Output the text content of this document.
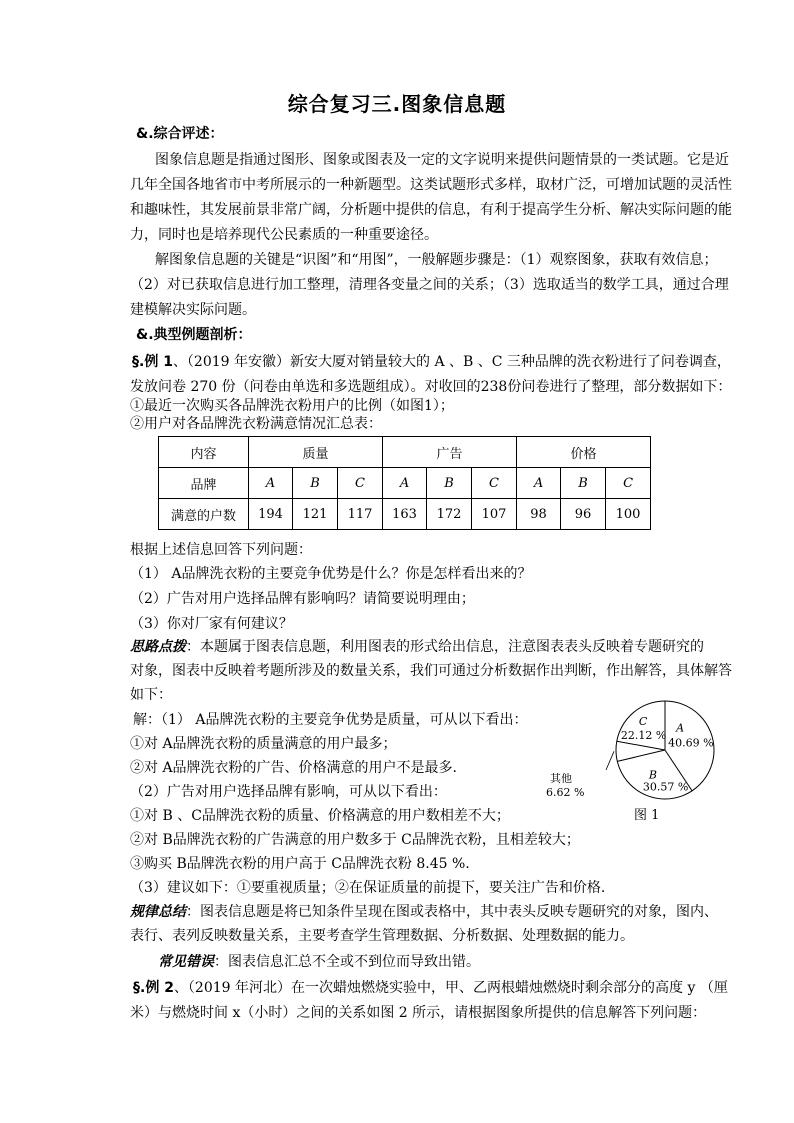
综合复习三.图象信息题
&.综合评述：
图象信息题是指通过图形、图象或图表及一定的文字说明来提供问题情景的一类试题。它是近
几年全国各地省市中考所展示的一种新题型。这类试题形式多样，取材广泛，可增加试题的灵活性
和趣味性，其发展前景非常广阔，分析题中提供的信息，有利于提高学生分析、解决实际问题的能
力，同时也是培养现代公民素质的一种重要途径。
解图象信息题的关键是“识图”和“用图”，一般解题步骤是：（1）观察图象，获取有效信息；
（2）对已获取信息进行加工整理，清理各变量之间的关系；（3）选取适当的数学工具，通过合理
建模解决实际问题。
&.典型例题剖析：
§.例 1、（2019 年安徽）新安大厦对销量较大的 A 、B 、C 三种品牌的洗衣粉进行了问卷调查，
发放问卷 270 份（问卷由单选和多选题组成）。对收回的238份问卷进行了整理，部分数据如下：
①最近一次购买各品牌洗衣粉用户的比例（如图1）；
②用户对各品牌洗衣粉满意情况汇总表：
内容	质量			广告			价格		
品牌	A	B	C	A	B	C	A	B	C
满意的户数	194	121	117	163	172	107	98	96	100
根据上述信息回答下列问题：
（1） A品牌洗衣粉的主要竞争优势是什么？你是怎样看出来的？
（2）广告对用户选择品牌有影响吗？请简要说明理由；
（3）你对厂家有何建议？
思路点拨：本题属于图表信息题，利用图表的形式给出信息，注意图表表头反映着专题研究的
对象，图表中反映着考题所涉及的数量关系，我们可通过分析数据作出判断，作出解答，具体解答
如下：
解：（1） A品牌洗衣粉的主要竞争优势是质量，可从以下看出：
①对 A品牌洗衣粉的质量满意的用户最多；
②对 A品牌洗衣粉的广告、价格满意的用户不是最多.
（2）广告对用户选择品牌有影响，可从以下看出：
①对 B 、C品牌洗衣粉的质量、价格满意的用户数相差不大；
②对 B品牌洗衣粉的广告满意的用户数多于 C品牌洗衣粉，且相差较大；
③购买 B品牌洗衣粉的用户高于 C品牌洗衣粉 8.45 %.
（3）建议如下：①要重视质量；②在保证质量的前提下，要关注广告和价格.
规律总结：图表信息题是将已知条件呈现在图或表格中，其中表头反映专题研究的对象，图内、
表行、表列反映数量关系，主要考查学生管理数据、分析数据、处理数据的能力。
常见错误：图表信息汇总不全或不到位而导致出错。
§.例 2、（2019 年河北）在一次蜡烛燃烧实验中，甲、乙两根蜡烛燃烧时剩余部分的高度 y （厘
米）与燃烧时间 x（小时）之间的关系如图 2 所示，请根据图象所提供的信息解答下列问题：
A
40.69 %
B
30.57 %
其他
6.62 %
C
22.12 %
图 1
